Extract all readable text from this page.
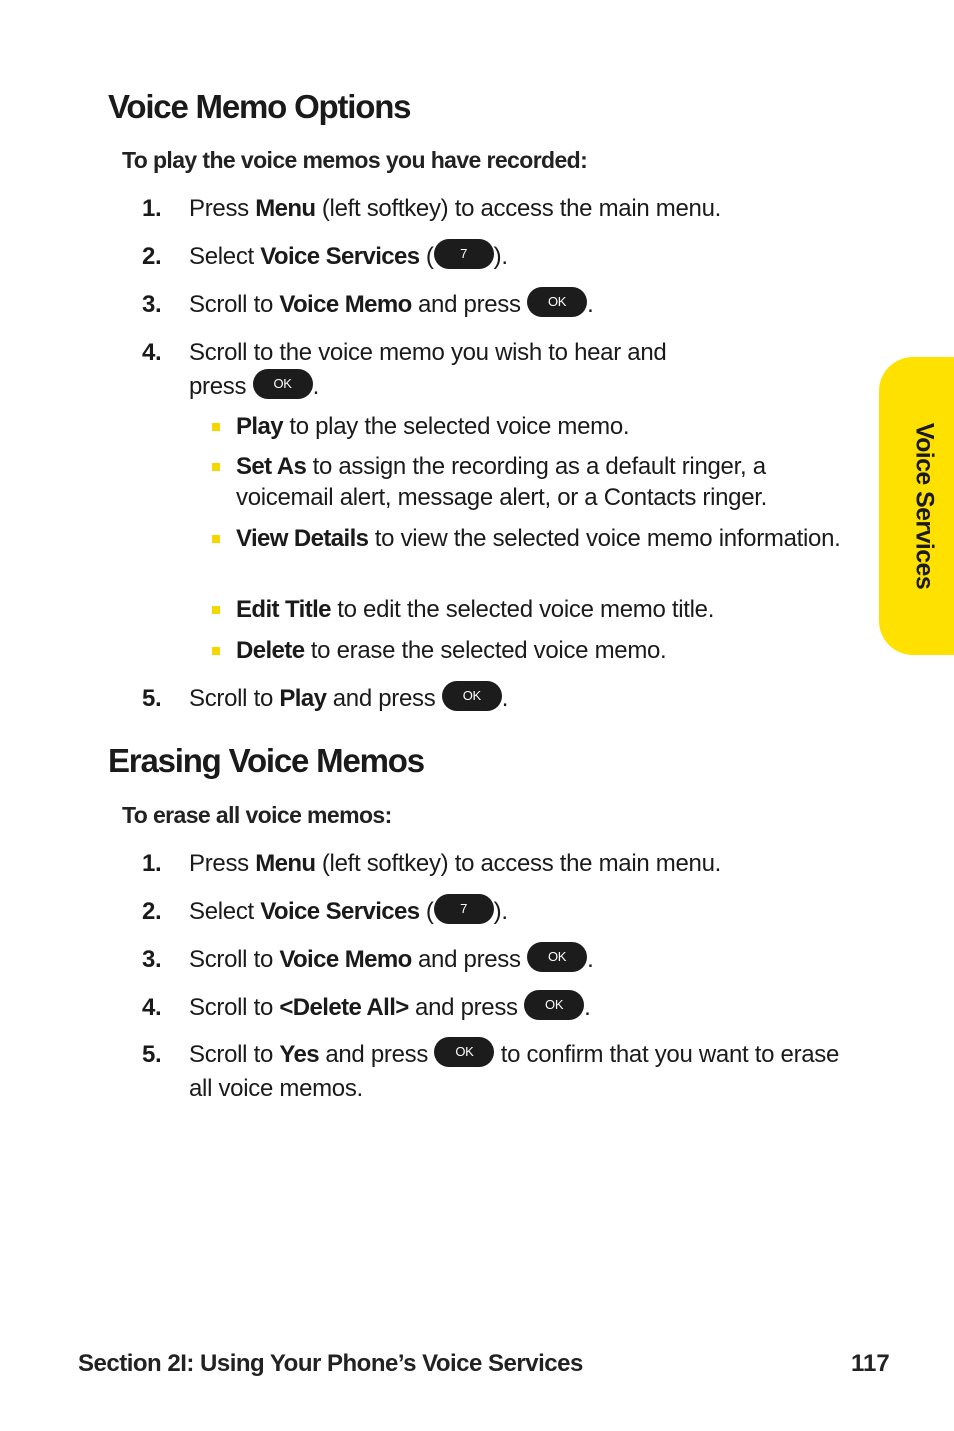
Voice Memo Options

To play the voice memos you have recorded:

1. Press Menu (left softkey) to access the main menu.
2. Select Voice Services ( 7 ).
3. Scroll to Voice Memo and press OK .
4. Scroll to the voice memo you wish to hear and
press OK .
Play to play the selected voice memo.
Set As to assign the recording as a default ringer, a voicemail alert, message alert, or a Contacts ringer.
View Details to view the selected voice memo information.
Edit Title to edit the selected voice memo title.
Delete to erase the selected voice memo.
5. Scroll to Play and press OK .
Erasing Voice Memos

To erase all voice memos:

1. Press Menu (left softkey) to access the main menu.
2. Select Voice Services ( 7 ).
3. Scroll to Voice Memo and press OK .
4. Scroll to <Delete All> and press OK .
5. Scroll to Yes and press OK to confirm that you want to erase all voice memos.
Voice Services
Section 2I: Using Your Phone’s Voice Services	117
